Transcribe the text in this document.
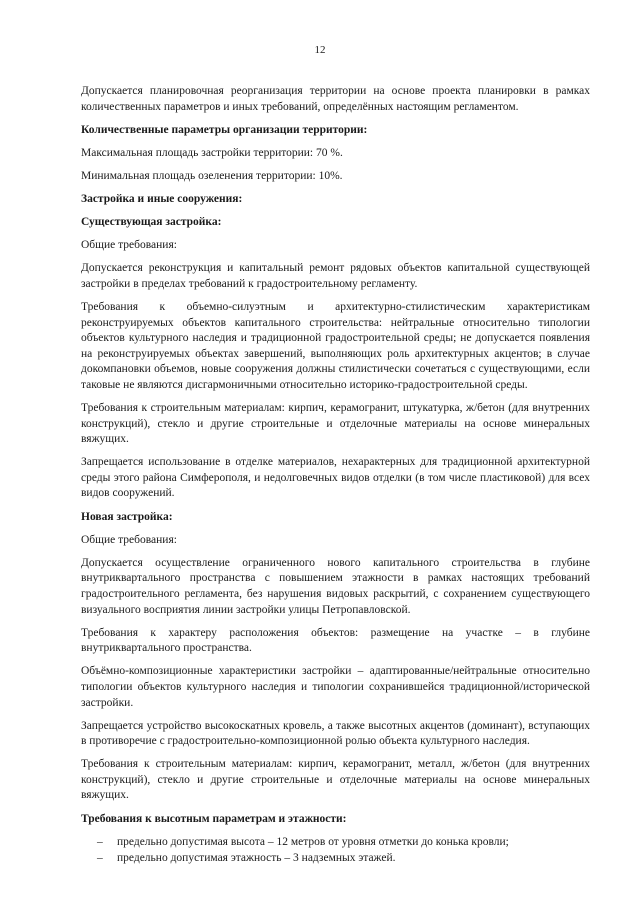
12
Допускается планировочная реорганизация территории на основе проекта планировки в рамках количественных параметров и иных требований, определённых настоящим регламентом.
Количественные параметры организации территории:
Максимальная площадь застройки территории: 70 %.
Минимальная площадь озеленения территории: 10%.
Застройка и иные сооружения:
Существующая застройка:
Общие требования:
Допускается реконструкция и капитальный ремонт рядовых объектов капитальной существующей застройки в пределах требований к градостроительному регламенту.
Требования к объемно-силуэтным и архитектурно-стилистическим характеристикам реконструируемых объектов капитального строительства: нейтральные относительно типологии объектов культурного наследия и традиционной градостроительной среды; не допускается появления на реконструируемых объектах завершений, выполняющих роль архитектурных акцентов; в случае докомпановки объемов, новые сооружения должны стилистически сочетаться с существующими, если таковые не являются дисгармоничными относительно историко-градостроительной среды.
Требования к строительным материалам: кирпич, керамогранит, штукатурка, ж/бетон (для внутренних конструкций), стекло и другие строительные и отделочные материалы на основе минеральных вяжущих.
Запрещается использование в отделке материалов, нехарактерных для традиционной архитектурной среды этого района Симферополя, и недолговечных видов отделки (в том числе пластиковой) для всех видов сооружений.
Новая застройка:
Общие требования:
Допускается осуществление ограниченного нового капитального строительства в глубине внутриквартального пространства с повышением этажности в рамках настоящих требований градостроительного регламента, без нарушения видовых раскрытий, с сохранением существующего визуального восприятия линии застройки улицы Петропавловской.
Требования к характеру расположения объектов: размещение на участке – в глубине внутриквартального пространства.
Объёмно-композиционные характеристики застройки – адаптированные/нейтральные относительно типологии объектов культурного наследия и типологии сохранившейся традиционной/исторической застройки.
Запрещается устройство высокоскатных кровель, а также высотных акцентов (доминант), вступающих в противоречие с градостроительно-композиционной ролью объекта культурного наследия.
Требования к строительным материалам: кирпич, керамогранит, металл, ж/бетон (для внутренних конструкций), стекло и другие строительные и отделочные материалы на основе минеральных вяжущих.
Требования к высотным параметрам и этажности:
– предельно допустимая высота – 12 метров от уровня отметки до конька кровли;
– предельно допустимая этажность – 3 надземных этажей.
